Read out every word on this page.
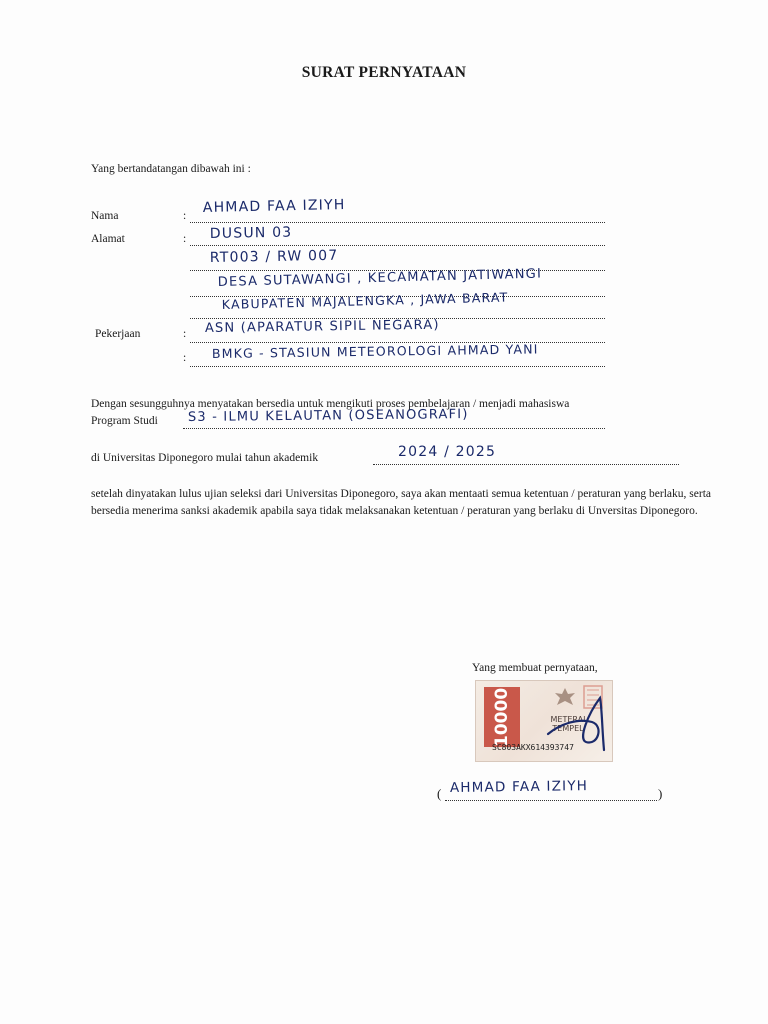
SURAT PERNYATAAN
Yang bertandatangan dibawah ini :
Nama	: AHMAD FAA IZIYH
Alamat	: DUSUN 03
RT003 / RW 007
DESA SUTAWANGI , KECAMATAN JATIWANGI
KABUPATEN MAJALENGKA , JAWA BARAT
Pekerjaan	: ASN (APARATUR SIPIL NEGARA)
: BMKG - STASIUN METEOROLOGI AHMAD YANI
Dengan sesungguhnya menyatakan bersedia untuk mengikuti proses pembelajaran / menjadi mahasiswa
Program Studi S3 - ILMU KELAUTAN (OSEANOGRAFI)
di Universitas Diponegoro mulai tahun akademik	2024 / 2025
setelah dinyatakan lulus ujian seleksi dari Universitas Diponegoro, saya akan mentaati semua ketentuan / peraturan yang berlaku, serta bersedia menerima sanksi akademik apabila saya tidak melaksanakan ketentuan / peraturan yang berlaku di Unversitas Diponegoro.
Yang membuat pernyataan,
10000	METERAI TEMPEL
SC803AKX614393747
( AHMAD FAA IZIYH	)
